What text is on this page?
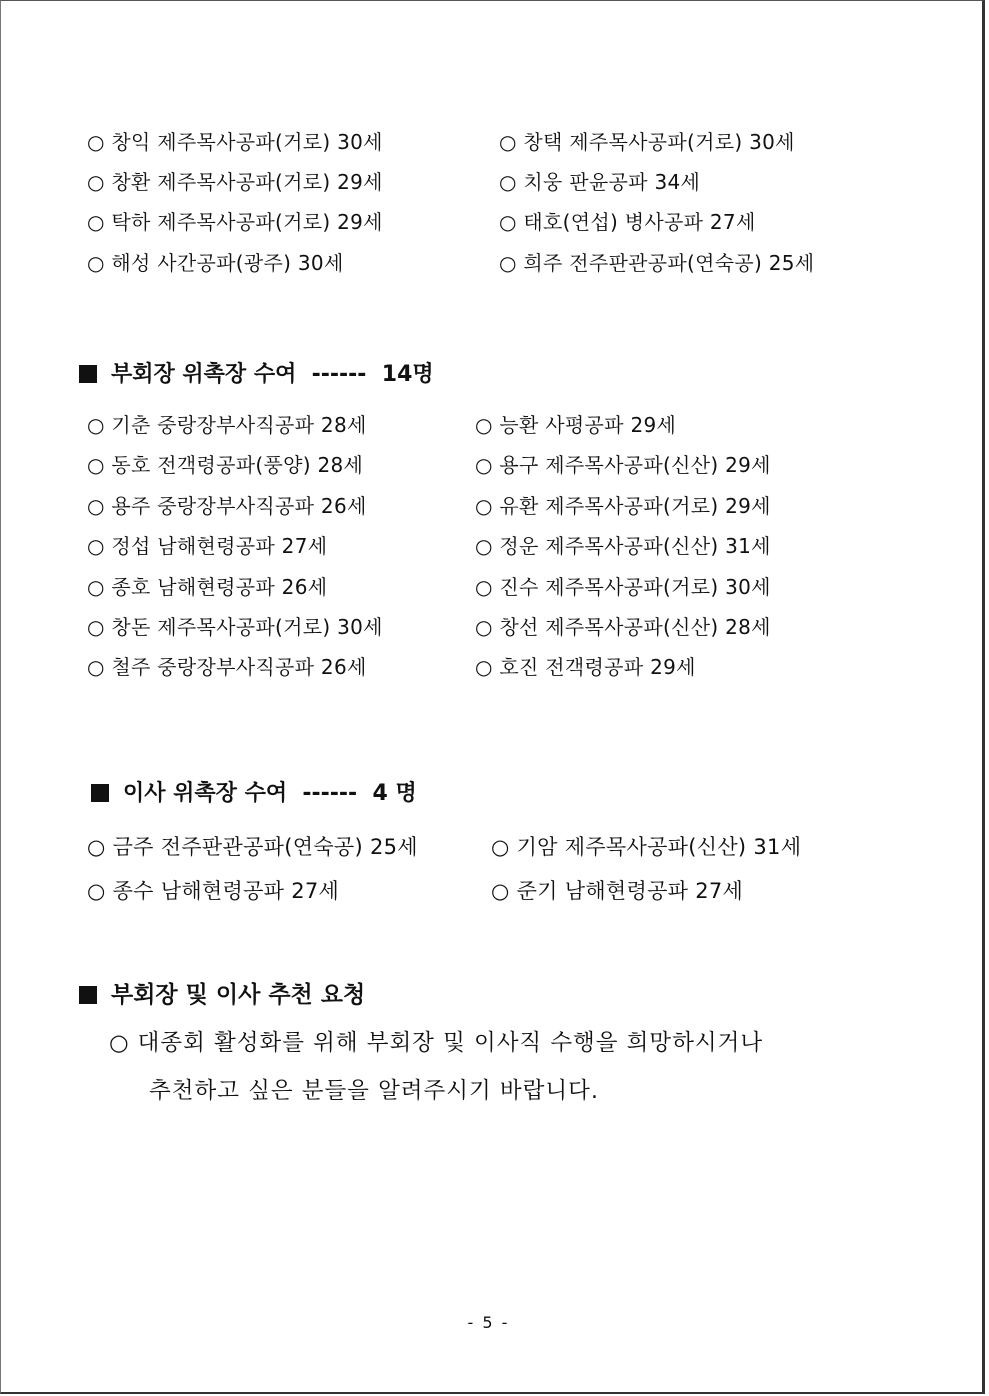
○ 창익 제주목사공파(거로) 30세	○ 창택 제주목사공파(거로) 30세
○ 창환 제주목사공파(거로) 29세	○ 치웅 판윤공파 34세
○ 탁하 제주목사공파(거로) 29세	○ 태호(연섭) 병사공파 27세
○ 해성 사간공파(광주) 30세	○ 희주 전주판관공파(연숙공) 25세
부회장 위촉장 수여  ------  14명
○ 기춘 중랑장부사직공파 28세	○ 능환 사평공파 29세
○ 동호 전객령공파(풍양) 28세	○ 용구 제주목사공파(신산) 29세
○ 용주 중랑장부사직공파 26세	○ 유환 제주목사공파(거로) 29세
○ 정섭 남해현령공파 27세	○ 정운 제주목사공파(신산) 31세
○ 종호 남해현령공파 26세	○ 진수 제주목사공파(거로) 30세
○ 창돈 제주목사공파(거로) 30세	○ 창선 제주목사공파(신산) 28세
○ 철주 중랑장부사직공파 26세	○ 호진 전객령공파 29세
이사 위촉장 수여  ------  4 명
○ 금주 전주판관공파(연숙공) 25세	○ 기암 제주목사공파(신산) 31세
○ 종수 남해현령공파 27세	○ 준기 남해현령공파 27세
부회장 및 이사 추천 요청
○ 대종회 활성화를 위해 부회장 및 이사직 수행을 희망하시거나
추천하고 싶은 분들을 알려주시기 바랍니다.
- 5 -
